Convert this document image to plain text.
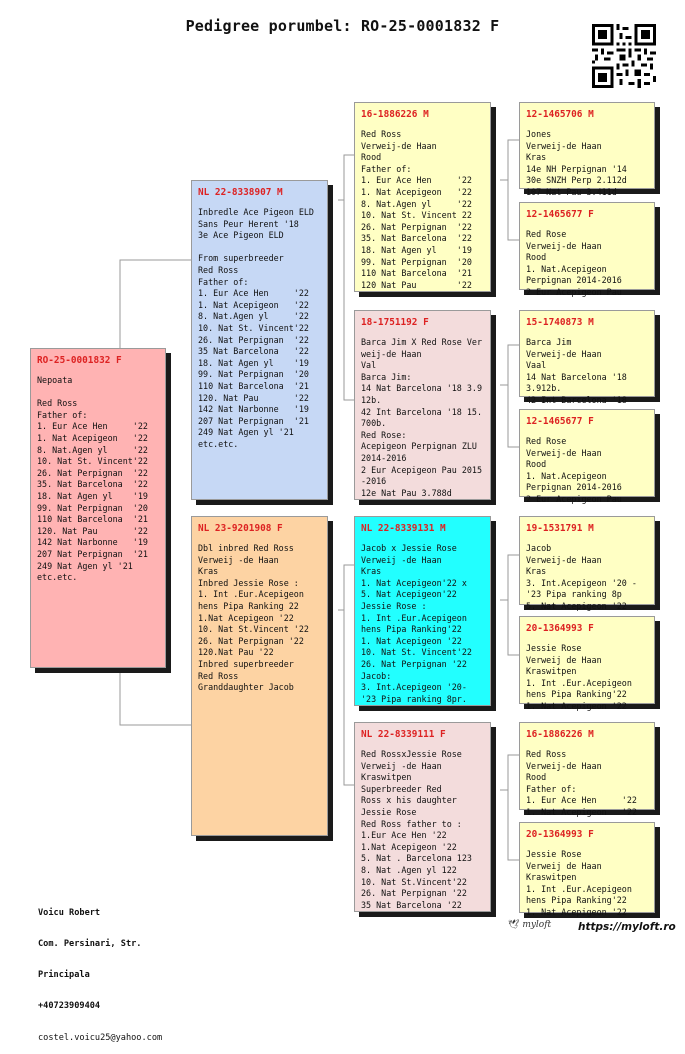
Pedigree porumbel: RO-25-0001832 F
RO-25-0001832 F
Nepoata

Red Ross
Father of:
1. Eur Ace Hen     '22
1. Nat Acepigeon   '22
8. Nat.Agen yl     '22
10. Nat St. Vincent'22
26. Nat Perpignan  '22
35. Nat Barcelona  '22
18. Nat Agen yl    '19
99. Nat Perpignan  '20
110 Nat Barcelona  '21
120. Nat Pau       '22
142 Nat Narbonne   '19
207 Nat Perpignan  '21
249 Nat Agen yl '21
etc.etc.
NL 22-8338907 M
Inbredle Ace Pigeon ELD
Sans Peur Herent '18
3e Ace Pigeon ELD

From superbreeder
Red Ross
Father of:
1. Eur Ace Hen     '22
1. Nat Acepigeon   '22
8. Nat.Agen yl     '22
10. Nat St. Vincent'22
26. Nat Perpignan  '22
35 Nat Barcelona   '22
18. Nat Agen yl    '19
99. Nat Perpignan  '20
110 Nat Barcelona  '21
120. Nat Pau       '22
142 Nat Narbonne   '19
207 Nat Perpignan  '21
249 Nat Agen yl '21
etc.etc.
NL 23-9201908 F
Dbl inbred Red Ross
Verweij -de Haan
Kras
Inbred Jessie Rose :
1. Int .Eur.Acepigeon
hens Pipa Ranking 22
1.Nat Acepigeon '22
10. Nat St.Vincent '22
26. Nat Perpignan '22
120.Nat Pau '22
Inbred superbreeder
Red Ross
Granddaughter Jacob
16-1886226 M
Red Ross
Verweij-de Haan
Rood
Father of:
1. Eur Ace Hen     '22
1. Nat Acepigeon   '22
8. Nat.Agen yl     '22
10. Nat St. Vincent 22
26. Nat Perpignan  '22
35. Nat Barcelona  '22
18. Nat Agen yl    '19
99. Nat Perpignan  '20
110 Nat Barcelona  '21
120 Nat Pau        '22
18-1751192 F
Barca Jim X Red Rose Ver
weij-de Haan
Val
Barca Jim:
14 Nat Barcelona '18 3.9
12b.
42 Int Barcelona '18 15.
700b.
Red Rose:
Acepigeon Perpignan ZLU
2014-2016
2 Eur Acepigeon Pau 2015
-2016
12e Nat Pau 3.788d
NL 22-8339131 M
Jacob x Jessie Rose
Verweij -de Haan
Kras
1. Nat Acepigeon'22 x
5. Nat Acepigeon'22
Jessie Rose :
1. Int .Eur.Acepigeon
hens Pipa Ranking'22
1. Nat Acepigeon '22
10. Nat St. Vincent'22
26. Nat Perpignan '22
Jacob:
3. Int.Acepigeon '20-
'23 Pipa ranking 8pr.
NL 22-8339111 F
Red RossxJessie Rose
Verweij -de Haan
Kraswitpen
Superbreeder Red
Ross x his daughter
Jessie Rose
Red Ross father to :
1.Eur Ace Hen '22
1.Nat Acepigeon '22
5. Nat . Barcelona 123
8. Nat .Agen yl 122
10. Nat St.Vincent'22
26. Nat Perpignan '22
35 Nat Barcelona '22
12-1465706 M
Jones
Verweij-de Haan
Kras
14e NH Perpignan '14
30e SNZH Perp 2.112d
107 Nat Pau 3.411d
12-1465677 F
Red Rose
Verweij-de Haan
Rood
1. Nat.Acepigeon
Perpignan 2014-2016
2 Eur Acepigeon Pau
15-1740873 M
Barca Jim
Verweij-de Haan
Vaal
14 Nat Barcelona '18
3.912b.
42 Int Barcelona '18
12-1465677 F
Red Rose
Verweij-de Haan
Rood
1. Nat.Acepigeon
Perpignan 2014-2016
2 Eur Acepigeon Pau
19-1531791 M
Jacob
Verweij-de Haan
Kras
3. Int.Acepigeon '20 -
'23 Pipa ranking 8p
5. Nat Acepigeon '22
20-1364993 F
Jessie Rose
Verweij de Haan
Kraswitpen
1. Int .Eur.Acepigeon
hens Pipa Ranking'22
1. Nat Acepigeon '22
16-1886226 M
Red Ross
Verweij-de Haan
Rood
Father of:
1. Eur Ace Hen     '22
1. Nat Acepigeon   '22
20-1364993 F
Jessie Rose
Verweij de Haan
Kraswitpen
1. Int .Eur.Acepigeon
hens Pipa Ranking'22
1. Nat Acepigeon '22

Voicu Robert

Com. Persinari, Str.

Principala

+40723909404

costel.voicu25@yahoo.com

🕊 myloft	https://myloft.ro
